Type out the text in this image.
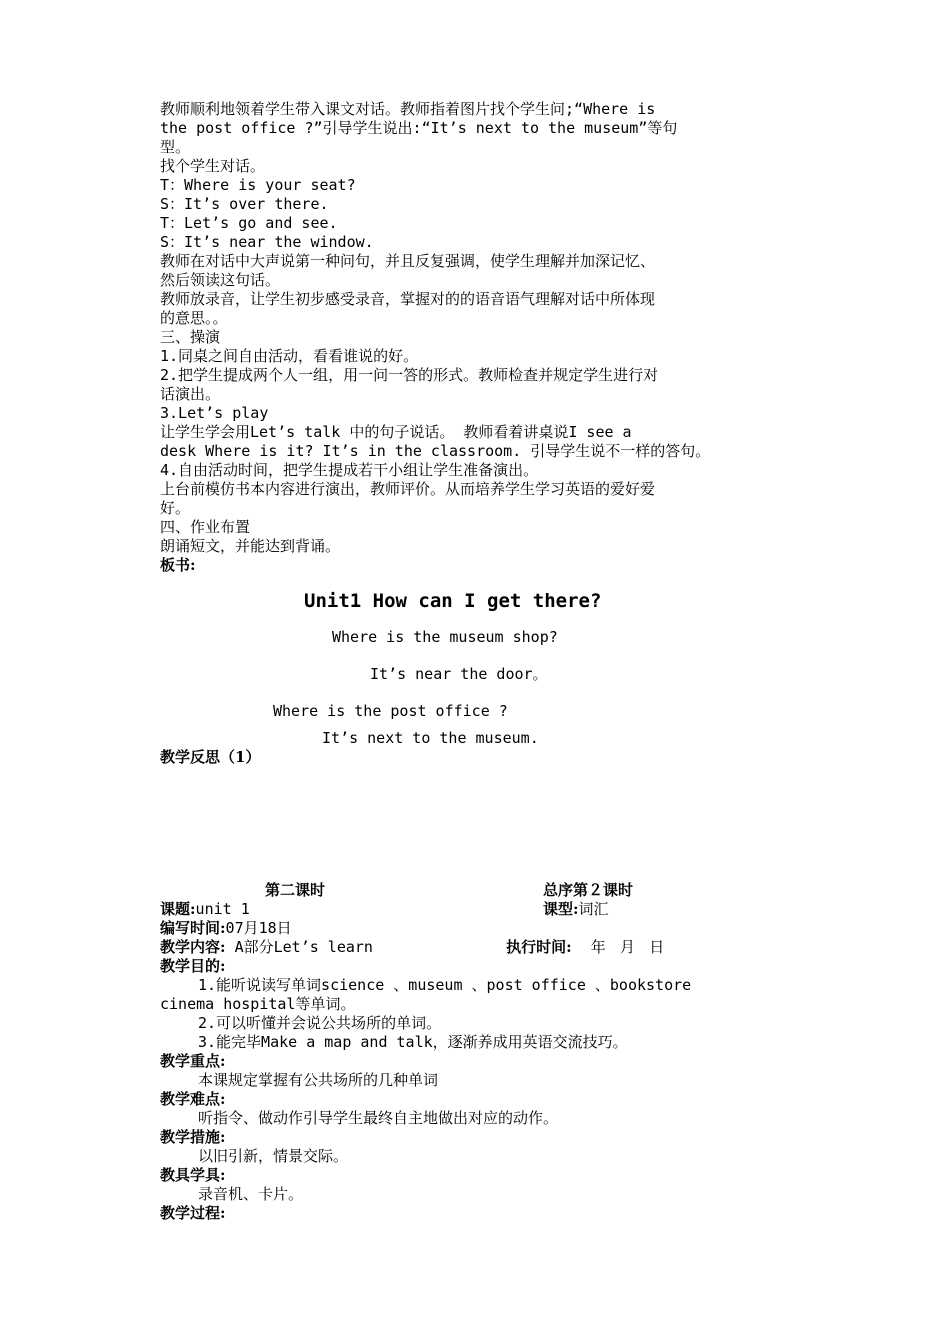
教师顺利地领着学生带入课文对话。教师指着图片找个学生问;“Where is
the post office ?”引导学生说出:“It’s next to the museum”等句
型。
找个学生对话。
T：Where is your seat?
S：It’s over there.
T：Let’s go and see.
S：It’s near the window.
教师在对话中大声说第一种问句，并且反复强调，使学生理解并加深记忆、
然后领读这句话。
教师放录音，让学生初步感受录音，掌握对的的语音语气理解对话中所体现
的意思。。
三、操演
1.同桌之间自由活动，看看谁说的好。
2.把学生提成两个人一组，用一问一答的形式。教师检查并规定学生进行对
话演出。
3.Let’s play
让学生学会用Let’s talk 中的句子说话。 教师看着讲桌说I see a
desk Where is it? It’s in the classroom. 引导学生说不一样的答句。
4.自由活动时间，把学生提成若干小组让学生准备演出。
上台前模仿书本内容进行演出，教师评价。从而培养学生学习英语的爱好爱
好。
四、作业布置
朗诵短文，并能达到背诵。
板书:
Unit1 How can I get there?
Where is the museum shop?
It’s near the door。
Where is the post office ?
It’s next to the museum.
教学反思（1）
第二课时	总序第２课时
课题:unit 1	课型:词汇
编写时间:07月18日

执行时间:    年   月   日

教学内容: A部分Let’s learn
教学目的:
1.能听说读写单词science 、museum 、post office 、bookstore
cinema hospital等单词。
2.可以听懂并会说公共场所的单词。
3.能完毕Make a map and talk，逐渐养成用英语交流技巧。
教学重点:
本课规定掌握有公共场所的几种单词
教学难点:
听指令、做动作引导学生最终自主地做出对应的动作。
教学措施:
以旧引新，情景交际。
教具学具:
录音机、卡片。
教学过程:
